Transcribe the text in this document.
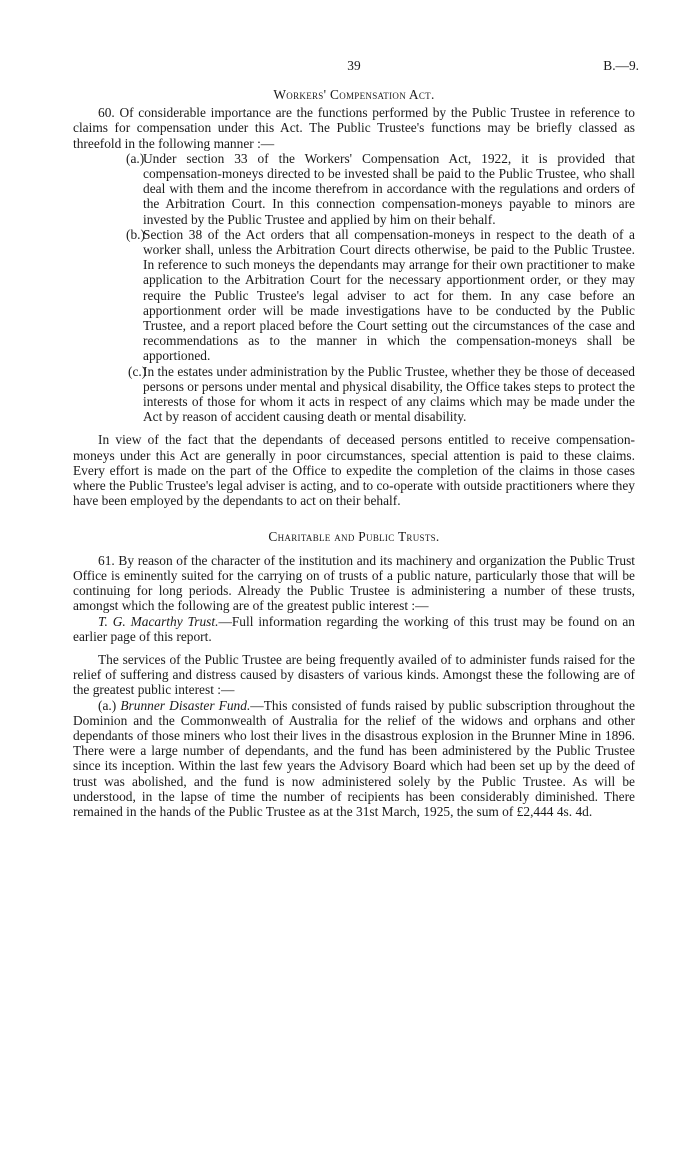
39	B.—9.
Workers' Compensation Act.

60. Of considerable importance are the functions performed by the Public Trustee in reference to claims for compensation under this Act. The Public Trustee's functions may be briefly classed as threefold in the following manner :—

(a.)
Under section 33 of the Workers' Compensation Act, 1922, it is provided that compensation-moneys directed to be invested shall be paid to the Public Trustee, who shall deal with them and the income therefrom in accordance with the regulations and orders of the Arbitration Court. In this connection compensation-moneys payable to minors are invested by the Public Trustee and applied by him on their behalf.
(b.)
Section 38 of the Act orders that all compensation-moneys in respect to the death of a worker shall, unless the Arbitration Court directs otherwise, be paid to the Public Trustee. In reference to such moneys the dependants may arrange for their own practitioner to make application to the Arbitration Court for the necessary apportionment order, or they may require the Public Trustee's legal adviser to act for them. In any case before an apportionment order will be made investigations have to be conducted by the Public Trustee, and a report placed before the Court setting out the circumstances of the case and recommendations as to the manner in which the compensation-moneys shall be apportioned.
(c.)
In the estates under administration by the Public Trustee, whether they be those of deceased persons or persons under mental and physical disability, the Office takes steps to protect the interests of those for whom it acts in respect of any claims which may be made under the Act by reason of accident causing death or mental disability.

In view of the fact that the dependants of deceased persons entitled to receive compensation-moneys under this Act are generally in poor circumstances, special attention is paid to these claims. Every effort is made on the part of the Office to expedite the completion of the claims in those cases where the Public Trustee's legal adviser is acting, and to co-operate with outside practitioners where they have been employed by the dependants to act on their behalf.

Charitable and Public Trusts.

61. By reason of the character of the institution and its machinery and organization the Public Trust Office is eminently suited for the carrying on of trusts of a public nature, particularly those that will be continuing for long periods. Already the Public Trustee is administering a number of these trusts, amongst which the following are of the greatest public interest :—

T. G. Macarthy Trust.—Full information regarding the working of this trust may be found on an earlier page of this report.

The services of the Public Trustee are being frequently availed of to administer funds raised for the relief of suffering and distress caused by disasters of various kinds. Amongst these the following are of the greatest public interest :—

(a.) Brunner Disaster Fund.—This consisted of funds raised by public subscription throughout the Dominion and the Commonwealth of Australia for the relief of the widows and orphans and other dependants of those miners who lost their lives in the disastrous explosion in the Brunner Mine in 1896. There were a large number of dependants, and the fund has been administered by the Public Trustee since its inception. Within the last few years the Advisory Board which had been set up by the deed of trust was abolished, and the fund is now administered solely by the Public Trustee. As will be understood, in the lapse of time the number of recipients has been considerably diminished. There remained in the hands of the Public Trustee as at the 31st March, 1925, the sum of £2,444 4s. 4d.
